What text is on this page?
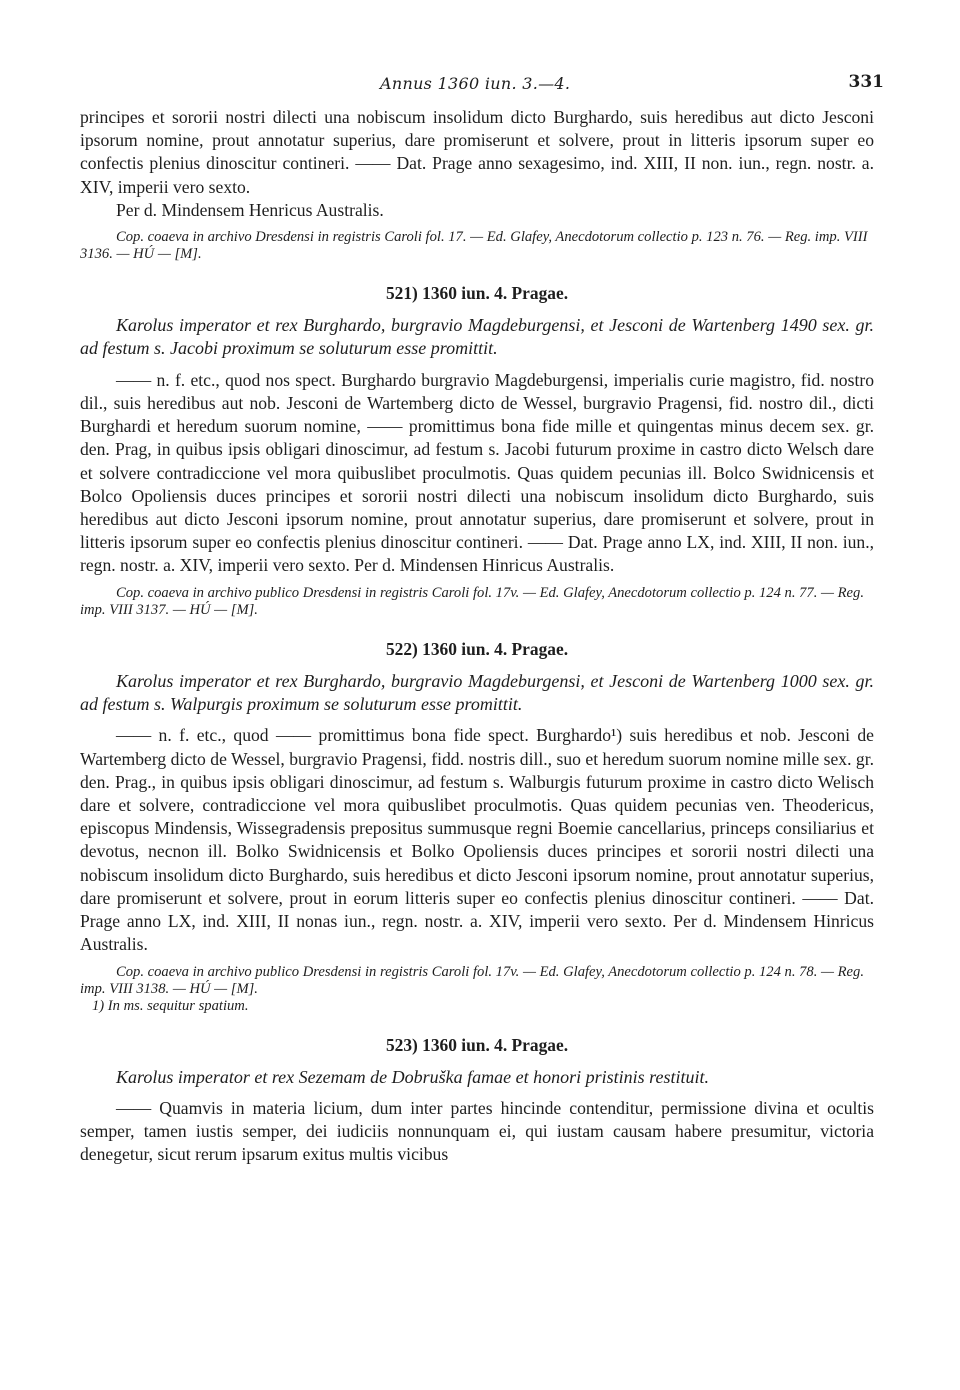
Annus 1360 iun. 3.—4.	331

principes et sororii nostri dilecti una nobiscum insolidum dicto Burghardo, suis heredibus aut dicto Jesconi ipsorum nomine, prout annotatur superius, dare promiserunt et solvere, prout in litteris ipsorum super eo confectis plenius dinoscitur contineri. —— Dat. Prage anno sexagesimo, ind. XIII, II non. iun., regn. nostr. a. XIV, imperii vero sexto.

Per d. Mindensem Henricus Australis.

Cop. coaeva in archivo Dresdensi in registris Caroli fol. 17. — Ed. Glafey, Anecdotorum collectio p. 123 n. 76. — Reg. imp. VIII 3136. — HÚ — [M].

521) 1360 iun. 4. Pragae.

Karolus imperator et rex Burghardo, burgravio Magdeburgensi, et Jesconi de Wartenberg 1490 sex. gr. ad festum s. Jacobi proximum se soluturum esse promittit.

—— n. f. etc., quod nos spect. Burghardo burgravio Magdeburgensi, imperialis curie magistro, fid. nostro dil., suis heredibus aut nob. Jesconi de Wartemberg dicto de Wessel, burgravio Pragensi, fid. nostro dil., dicti Burghardi et heredum suorum nomine, —— promittimus bona fide mille et quingentas minus decem sex. gr. den. Prag, in quibus ipsis obligari dinoscimur, ad festum s. Jacobi futurum proxime in castro dicto Welsch dare et solvere contradiccione vel mora quibuslibet proculmotis. Quas quidem pecunias ill. Bolco Swidnicensis et Bolco Opoliensis duces principes et sororii nostri dilecti una nobiscum insolidum dicto Burghardo, suis heredibus aut dicto Jesconi ipsorum nomine, prout annotatur superius, dare promiserunt et solvere, prout in litteris ipsorum super eo confectis plenius dinoscitur contineri. —— Dat. Prage anno LX, ind. XIII, II non. iun., regn. nostr. a. XIV, imperii vero sexto. Per d. Mindensen Hinricus Australis.

Cop. coaeva in archivo publico Dresdensi in registris Caroli fol. 17v. — Ed. Glafey, Anecdotorum collectio p. 124 n. 77. — Reg. imp. VIII 3137. — HÚ — [M].

522) 1360 iun. 4. Pragae.

Karolus imperator et rex Burghardo, burgravio Magdeburgensi, et Jesconi de Wartenberg 1000 sex. gr. ad festum s. Walpurgis proximum se soluturum esse promittit.

—— n. f. etc., quod —— promittimus bona fide spect. Burghardo¹) suis heredibus et nob. Jesconi de Wartemberg dicto de Wessel, burgravio Pragensi, fidd. nostris dill., suo et heredum suorum nomine mille sex. gr. den. Prag., in quibus ipsis obligari dinoscimur, ad festum s. Walburgis futurum proxime in castro dicto Welisch dare et solvere, contradiccione vel mora quibuslibet proculmotis. Quas quidem pecunias ven. Theodericus, episcopus Mindensis, Wissegradensis prepositus summusque regni Boemie cancellarius, princeps consiliarius et devotus, necnon ill. Bolko Swidnicensis et Bolko Opoliensis duces principes et sororii nostri dilecti una nobiscum insolidum dicto Burghardo, suis heredibus et dicto Jesconi ipsorum nomine, prout annotatur superius, dare promiserunt et solvere, prout in eorum litteris super eo confectis plenius dinoscitur contineri. —— Dat. Prage anno LX, ind. XIII, II nonas iun., regn. nostr. a. XIV, imperii vero sexto. Per d. Mindensem Hinricus Australis.

Cop. coaeva in archivo publico Dresdensi in registris Caroli fol. 17v. — Ed. Glafey, Anecdotorum collectio p. 124 n. 78. — Reg. imp. VIII 3138. — HÚ — [M].

1) In ms. sequitur spatium.

523) 1360 iun. 4. Pragae.

Karolus imperator et rex Sezemam de Dobruška famae et honori pristinis restituit.

—— Quamvis in materia licium, dum inter partes hincinde contenditur, permissione divina et ocultis semper, tamen iustis semper, dei iudiciis nonnunquam ei, qui iustam causam habere presumitur, victoria denegetur, sicut rerum ipsarum exitus multis vicibus
